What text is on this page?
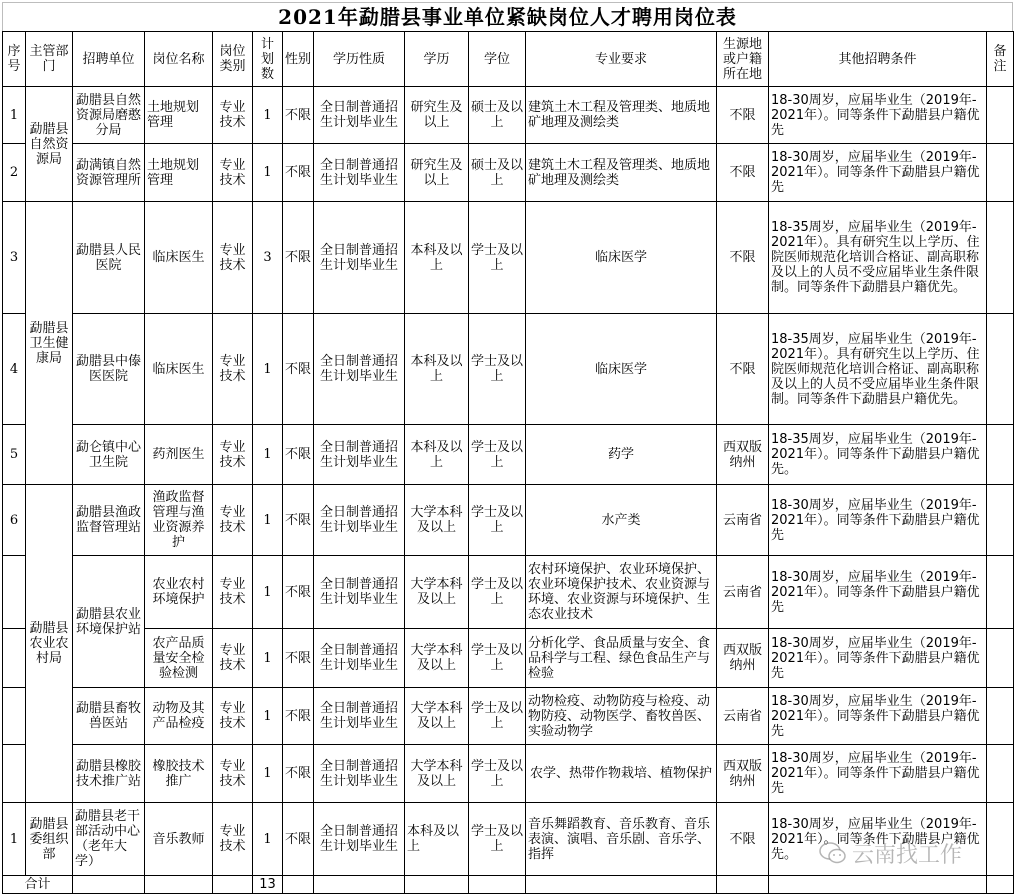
2021年勐腊县事业单位紧缺岗位人才聘用岗位表
序号	主管部门	招聘单位	岗位名称	岗位类别	计划数	性别	学历性质	学历	学位	专业要求	生源地或户籍所在地	其他招聘条件	备注
1	勐腊县自然资源局	勐腊县自然资源局磨憨分局	土地规划管理	专业技术	1	不限	全日制普通招生计划毕业生	研究生及以上	硕士及以上	建筑土木工程及管理类、地质地矿地理及测绘类	不限	18-30周岁，应届毕业生（2019年-2021年）。同等条件下勐腊县户籍优先	
2		勐满镇自然资源管理所	土地规划管理	专业技术	1	不限	全日制普通招生计划毕业生	研究生及以上	硕士及以上	建筑土木工程及管理类、地质地矿地理及测绘类	不限	18-30周岁，应届毕业生（2019年-2021年）。同等条件下勐腊县户籍优先	
3	勐腊县卫生健康局	勐腊县人民医院	临床医生	专业技术	3	不限	全日制普通招生计划毕业生	本科及以上	学士及以上	临床医学	不限	18-35周岁，应届毕业生（2019年-2021年）。具有研究生以上学历、住院医师规范化培训合格证、副高职称及以上的人员不受应届毕业生条件限制。同等条件下勐腊县户籍优先。	
4		勐腊县中傣医医院	临床医生	专业技术	1	不限	全日制普通招生计划毕业生	本科及以上	学士及以上	临床医学	不限	18-35周岁，应届毕业生（2019年-2021年）。具有研究生以上学历、住院医师规范化培训合格证、副高职称及以上的人员不受应届毕业生条件限制。同等条件下勐腊县户籍优先。	
5		勐仑镇中心卫生院	药剂医生	专业技术	1	不限	全日制普通招生计划毕业生	本科及以上	学士及以上	药学	西双版纳州	18-35周岁，应届毕业生（2019年-2021年）。同等条件下勐腊县户籍优先。	
6	勐腊县农业农村局	勐腊县渔政监督管理站	渔政监督管理与渔业资源养护	专业技术	1	不限	全日制普通招生计划毕业生	大学本科及以上	学士及以上	水产类	云南省	18-30周岁，应届毕业生（2019年-2021年）。同等条件下勐腊县户籍优先	
		勐腊县农业环境保护站	农业农村环境保护	专业技术	1	不限	全日制普通招生计划毕业生	大学本科及以上	学士及以上	农村环境保护、农业环境保护、农业环境保护技术、农业资源与环境、农业资源与环境保护、生态农业技术	云南省	18-30周岁，应届毕业生（2019年-2021年）。同等条件下勐腊县户籍优先	
			农产品质量安全检验检测	专业技术	1	不限	全日制普通招生计划毕业生	大学本科及以上	学士及以上	分析化学、食品质量与安全、食品科学与工程、绿色食品生产与检验	西双版纳州	18-30周岁，应届毕业生（2019年-2021年）。同等条件下勐腊县户籍优先	
		勐腊县畜牧兽医站	动物及其产品检疫	专业技术	1	不限	全日制普通招生计划毕业生	大学本科及以上	学士及以上	动物检疫、动物防疫与检疫、动物防疫、动物医学、畜牧兽医、实验动物学	云南省	18-30周岁，应届毕业生（2019年-2021年）。同等条件下勐腊县户籍优先	
		勐腊县橡胶技术推广站	橡胶技术推广	专业技术	1	不限	全日制普通招生计划毕业生	大学本科及以上	学士及以上	农学、热带作物栽培、植物保护	西双版纳州	18-30周岁，应届毕业生（2019年-2021年）。同等条件下勐腊县户籍优先	
1	勐腊县委组织部	勐腊县老干部活动中心（老年大学）	音乐教师	专业技术	1	不限	全日制普通招生计划毕业生	本科及以上	学士及以上	音乐舞蹈教育、音乐教育、音乐表演、演唱、音乐剧、音乐学、指挥	不限	18-30周岁，应届毕业生（2019年-2021年）。同等条件下勐腊县户籍优先。	
合计					13								
云南找工作
